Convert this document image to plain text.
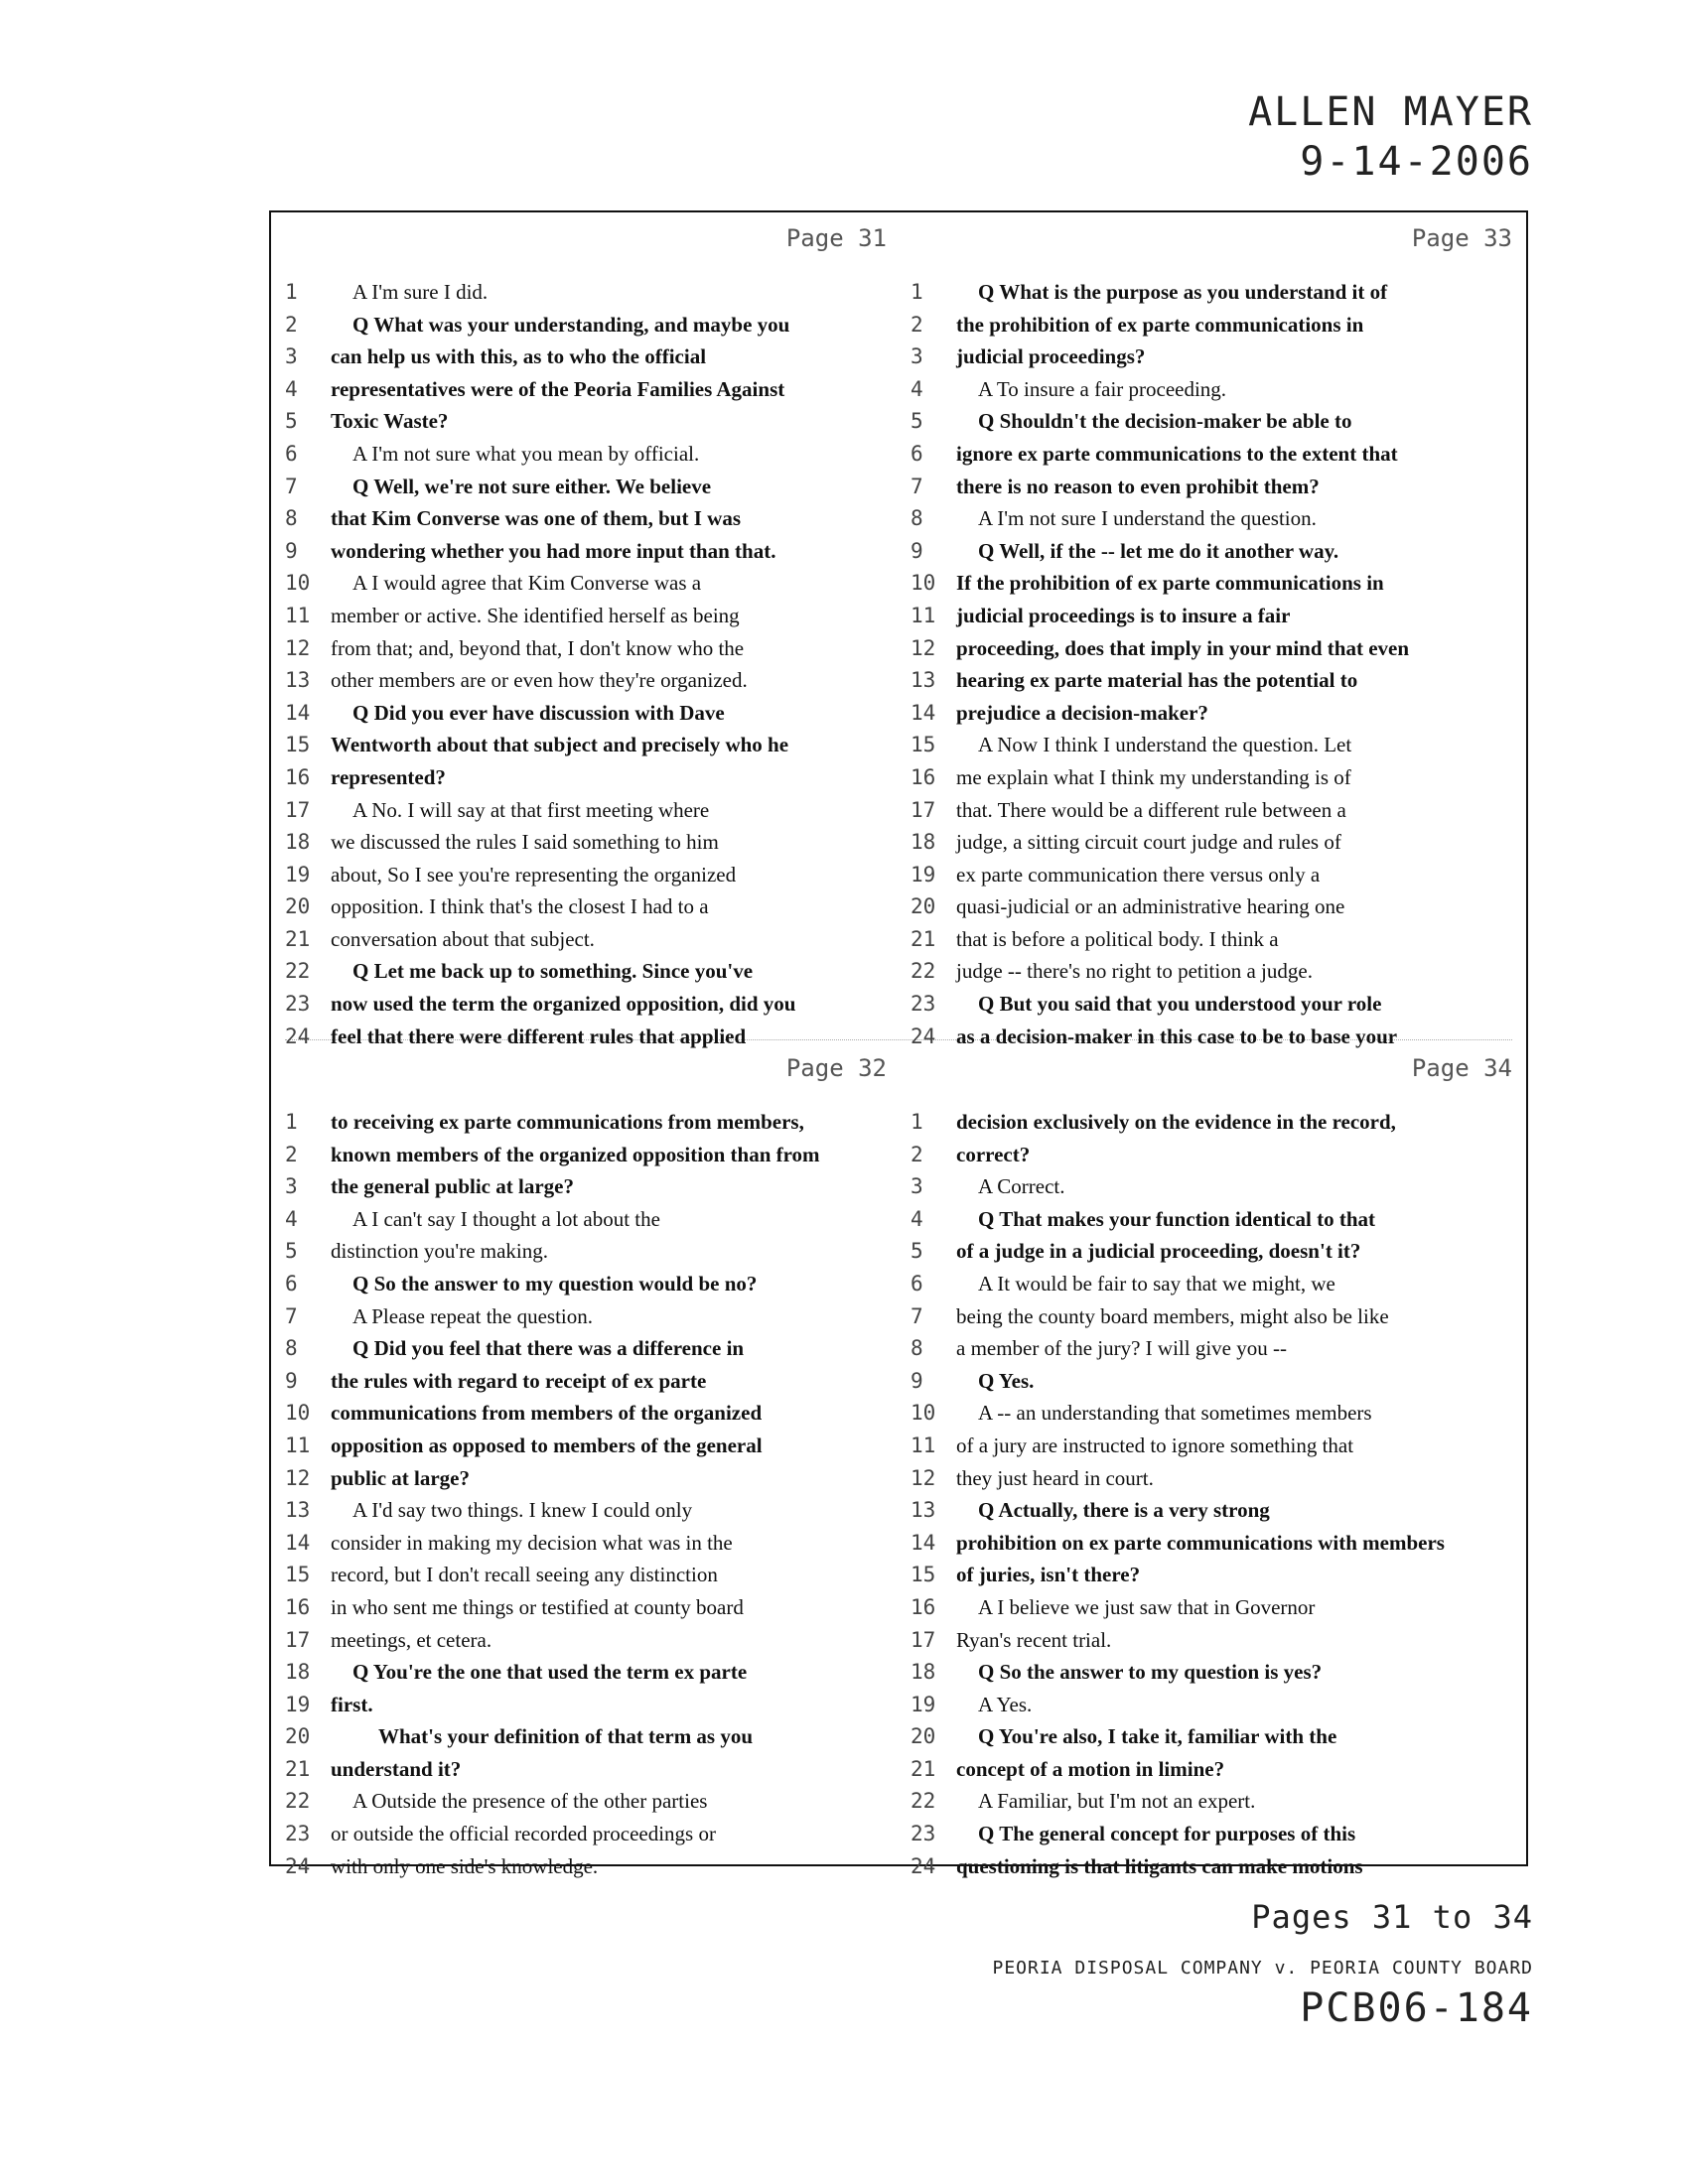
ALLEN MAYER
9-14-2006
Page 31
1	A I'm sure I did.
2	Q What was your understanding, and maybe you
3	can help us with this, as to who the official
4	representatives were of the Peoria Families Against
5	Toxic Waste?
6	A I'm not sure what you mean by official.
7	Q Well, we're not sure either. We believe
8	that Kim Converse was one of them, but I was
9	wondering whether you had more input than that.
10	A I would agree that Kim Converse was a
11 member or active. She identified herself as being
12 from that; and, beyond that, I don't know who the
13 other members are or even how they're organized.
14	Q Did you ever have discussion with Dave
15 Wentworth about that subject and precisely who he
16 represented?
17	A No. I will say at that first meeting where
18 we discussed the rules I said something to him
19 about, So I see you're representing the organized
20 opposition. I think that's the closest I had to a
21 conversation about that subject.
22	Q Let me back up to something. Since you've
23 now used the term the organized opposition, did you
24 feel that there were different rules that applied
Page 33
1	Q What is the purpose as you understand it of
2	the prohibition of ex parte communications in
3	judicial proceedings?
4	A To insure a fair proceeding.
5	Q Shouldn't the decision-maker be able to
6	ignore ex parte communications to the extent that
7	there is no reason to even prohibit them?
8	A I'm not sure I understand the question.
9	Q Well, if the -- let me do it another way.
10 If the prohibition of ex parte communications in
11 judicial proceedings is to insure a fair
12 proceeding, does that imply in your mind that even
13 hearing ex parte material has the potential to
14 prejudice a decision-maker?
15	A Now I think I understand the question. Let
16 me explain what I think my understanding is of
17 that. There would be a different rule between a
18 judge, a sitting circuit court judge and rules of
19 ex parte communication there versus only a
20 quasi-judicial or an administrative hearing one
21 that is before a political body. I think a
22 judge -- there's no right to petition a judge.
23	Q But you said that you understood your role
24 as a decision-maker in this case to be to base your
Page 32
1	to receiving ex parte communications from members,
2	known members of the organized opposition than from
3	the general public at large?
4	A I can't say I thought a lot about the
5	distinction you're making.
6	Q So the answer to my question would be no?
7	A Please repeat the question.
8	Q Did you feel that there was a difference in
9	the rules with regard to receipt of ex parte
10 communications from members of the organized
11 opposition as opposed to members of the general
12 public at large?
13	A I'd say two things. I knew I could only
14 consider in making my decision what was in the
15 record, but I don't recall seeing any distinction
16 in who sent me things or testified at county board
17 meetings, et cetera.
18	Q You're the one that used the term ex parte
19 first.
20	What's your definition of that term as you
21 understand it?
22	A Outside the presence of the other parties
23 or outside the official recorded proceedings or
24 with only one side's knowledge.
Page 34
1	decision exclusively on the evidence in the record,
2	correct?
3	A Correct.
4	Q That makes your function identical to that
5	of a judge in a judicial proceeding, doesn't it?
6	A It would be fair to say that we might, we
7	being the county board members, might also be like
8	a member of the jury? I will give you --
9	Q Yes.
10	A -- an understanding that sometimes members
11 of a jury are instructed to ignore something that
12 they just heard in court.
13	Q Actually, there is a very strong
14 prohibition on ex parte communications with members
15 of juries, isn't there?
16	A I believe we just saw that in Governor
17 Ryan's recent trial.
18	Q So the answer to my question is yes?
19	A Yes.
20	Q You're also, I take it, familiar with the
21 concept of a motion in limine?
22	A Familiar, but I'm not an expert.
23	Q The general concept for purposes of this
24 questioning is that litigants can make motions
Pages 31 to 34
PEORIA DISPOSAL COMPANY v. PEORIA COUNTY BOARD
PCB06-184
